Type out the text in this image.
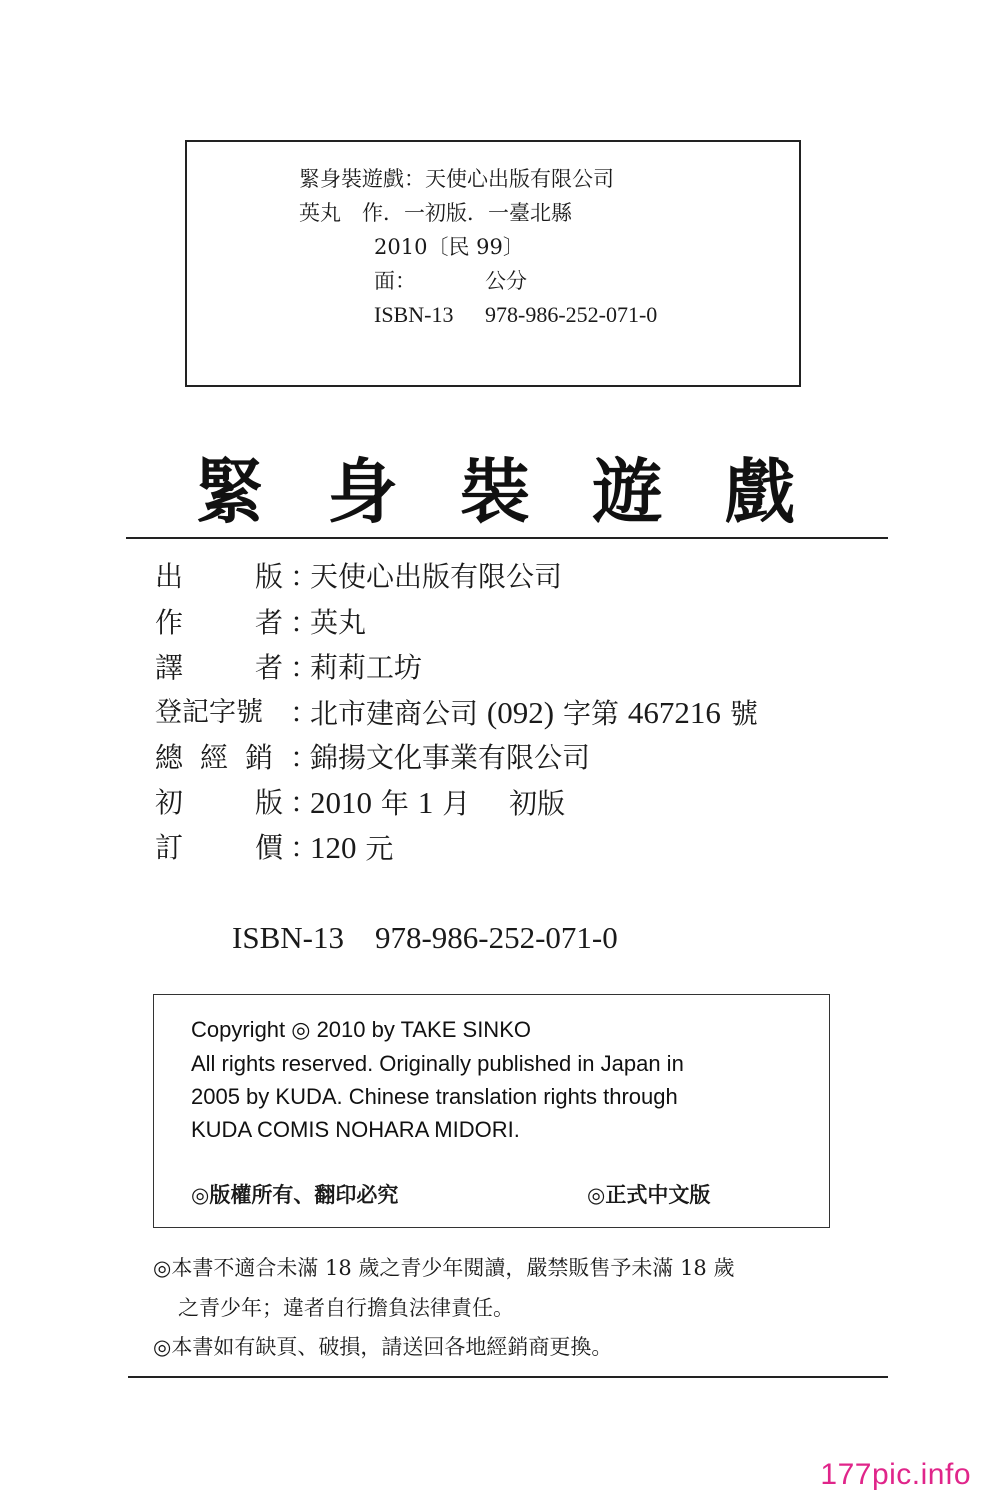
緊身裝遊戲：天使心出版有限公司
英丸　作．一初版．一臺北縣
2010〔民 99〕
面：	公分
ISBN-13 978-986-252-071-0
緊 身 裝 遊 戲
出	版 ：
天使心出版有限公司
作	者 ：
英丸
譯	者 ：
莉莉工坊
登記字號 ：
北市建商公司 (092) 字第 467216 號
總 經 銷 ：
錦揚文化事業有限公司
初	版 ：
2010 年 1 月 初版
訂	價 ：
120 元
ISBN-13    978-986-252-071-0
Copyright ◎ 2010 by TAKE SINKO
All rights reserved. Originally published in Japan in
2005 by KUDA. Chinese translation rights through
KUDA COMIS NOHARA MIDORI.
◎版權所有、翻印必究	◎正式中文版
◎本書不適合未滿 18 歲之青少年閱讀，嚴禁販售予未滿 18 歲
之青少年；違者自行擔負法律責任。
◎本書如有缺頁、破損，請送回各地經銷商更換。
177pic.info
